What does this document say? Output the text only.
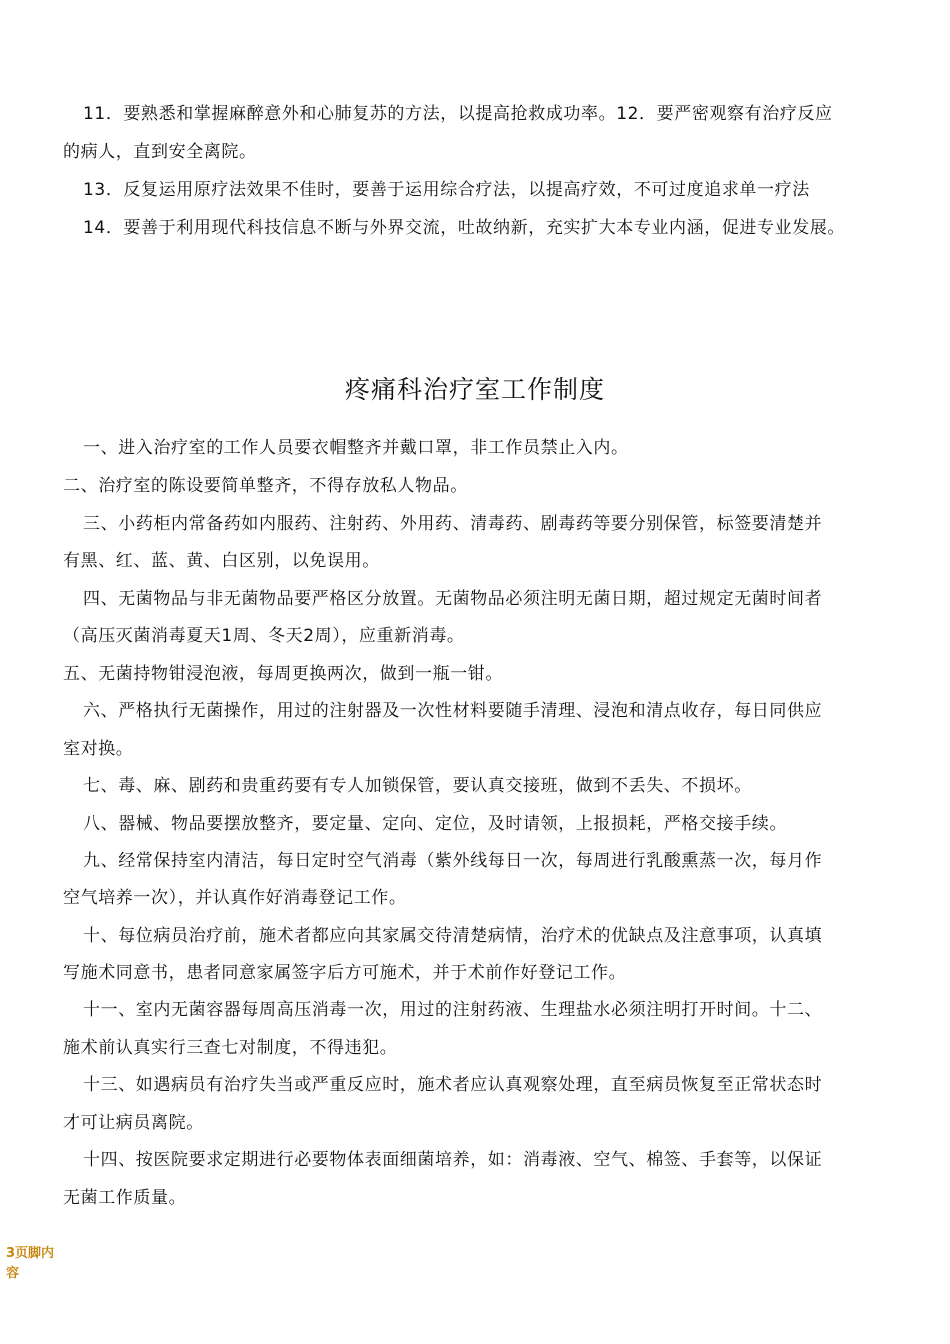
11．要熟悉和掌握麻醉意外和心肺复苏的方法，以提高抢救成功率。12．要严密观察有治疗反应
的病人，直到安全离院。
13．反复运用原疗法效果不佳时，要善于运用综合疗法，以提高疗效，不可过度追求单一疗法
14．要善于利用现代科技信息不断与外界交流，吐故纳新，充实扩大本专业内涵，促进专业发展。
疼痛科治疗室工作制度
一、进入治疗室的工作人员要衣帽整齐并戴口罩，非工作员禁止入内。
二、治疗室的陈设要简单整齐，不得存放私人物品。
三、小药柜内常备药如内服药、注射药、外用药、清毒药、剧毒药等要分别保管，标签要清楚并
有黑、红、蓝、黄、白区别，以免误用。
四、无菌物品与非无菌物品要严格区分放置。无菌物品必须注明无菌日期，超过规定无菌时间者
（高压灭菌消毒夏天1周、冬天2周），应重新消毒。
五、无菌持物钳浸泡液，每周更换两次，做到一瓶一钳。
六、严格执行无菌操作，用过的注射器及一次性材料要随手清理、浸泡和清点收存，每日同供应
室对换。
七、毒、麻、剧药和贵重药要有专人加锁保管，要认真交接班，做到不丢失、不损坏。
八、器械、物品要摆放整齐，要定量、定向、定位，及时请领，上报损耗，严格交接手续。
九、经常保持室内清洁，每日定时空气消毒（紫外线每日一次，每周进行乳酸熏蒸一次，每月作
空气培养一次），并认真作好消毒登记工作。
十、每位病员治疗前，施术者都应向其家属交待清楚病情，治疗术的优缺点及注意事项，认真填
写施术同意书，患者同意家属签字后方可施术，并于术前作好登记工作。
十一、室内无菌容器每周高压消毒一次，用过的注射药液、生理盐水必须注明打开时间。十二、
施术前认真实行三查七对制度，不得违犯。
十三、如遇病员有治疗失当或严重反应时，施术者应认真观察处理，直至病员恢复至正常状态时
才可让病员离院。
十四、按医院要求定期进行必要物体表面细菌培养，如：消毒液、空气、棉签、手套等，以保证
无菌工作质量。
3页脚内容
